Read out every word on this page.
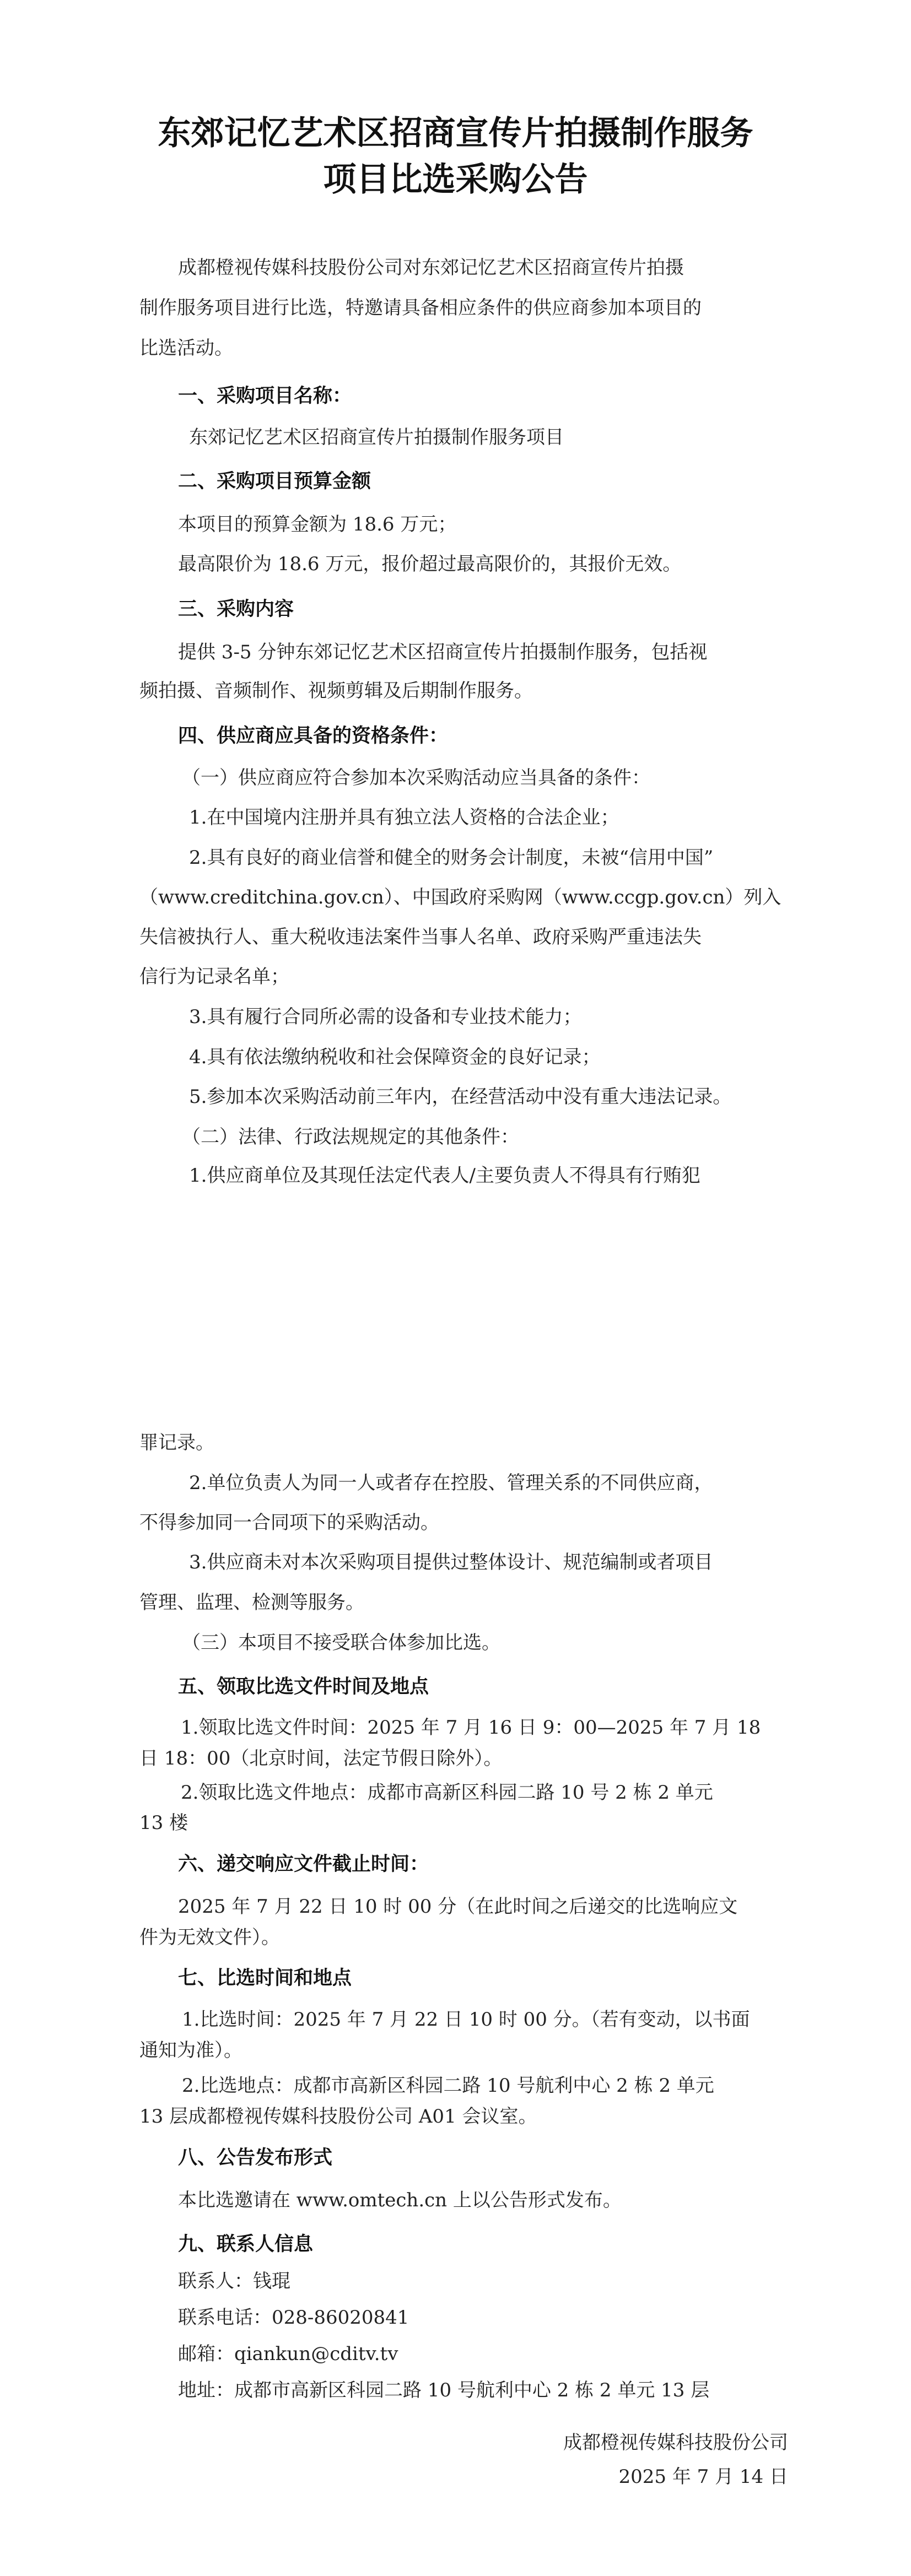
东郊记忆艺术区招商宣传片拍摄制作服务
项目比选采购公告

成都橙视传媒科技股份公司对东郊记忆艺术区招商宣传片拍摄

制作服务项目进行比选，特邀请具备相应条件的供应商参加本项目的

比选活动。

一、采购项目名称：

东郊记忆艺术区招商宣传片拍摄制作服务项目

二、采购项目预算金额

本项目的预算金额为 18.6 万元；

最高限价为 18.6 万元，报价超过最高限价的，其报价无效。

三、采购内容

提供 3-5 分钟东郊记忆艺术区招商宣传片拍摄制作服务，包括视

频拍摄、音频制作、视频剪辑及后期制作服务。

四、供应商应具备的资格条件：

（一）供应商应符合参加本次采购活动应当具备的条件：

1.在中国境内注册并具有独立法人资格的合法企业；

2.具有良好的商业信誉和健全的财务会计制度，未被“信用中国”

（www.creditchina.gov.cn）、中国政府采购网（www.ccgp.gov.cn）列入

失信被执行人、重大税收违法案件当事人名单、政府采购严重违法失

信行为记录名单；

3.具有履行合同所必需的设备和专业技术能力；

4.具有依法缴纳税收和社会保障资金的良好记录；

5.参加本次采购活动前三年内，在经营活动中没有重大违法记录。

（二）法律、行政法规规定的其他条件：

1.供应商单位及其现任法定代表人/主要负责人不得具有行贿犯

罪记录。

2.单位负责人为同一人或者存在控股、管理关系的不同供应商，

不得参加同一合同项下的采购活动。

3.供应商未对本次采购项目提供过整体设计、规范编制或者项目

管理、监理、检测等服务。

（三）本项目不接受联合体参加比选。

五、领取比选文件时间及地点

1.领取比选文件时间：2025 年 7 月 16 日 9：00—2025 年 7 月 18

日 18：00（北京时间，法定节假日除外）。

2.领取比选文件地点：成都市高新区科园二路 10 号 2 栋 2 单元

13 楼

六、递交响应文件截止时间：

2025 年 7 月 22 日 10 时 00 分（在此时间之后递交的比选响应文

件为无效文件）。

七、比选时间和地点

1.比选时间：2025 年 7 月 22 日 10 时 00 分。（若有变动，以书面

通知为准）。

2.比选地点：成都市高新区科园二路 10 号航利中心 2 栋 2 单元

13 层成都橙视传媒科技股份公司 A01 会议室。

八、公告发布形式

本比选邀请在 www.omtech.cn 上以公告形式发布。

九、联系人信息

联系人：钱琨

联系电话：028-86020841

邮箱：qiankun@cditv.tv

地址：成都市高新区科园二路 10 号航利中心 2 栋 2 单元 13 层

成都橙视传媒科技股份公司

2025 年 7 月 14 日
